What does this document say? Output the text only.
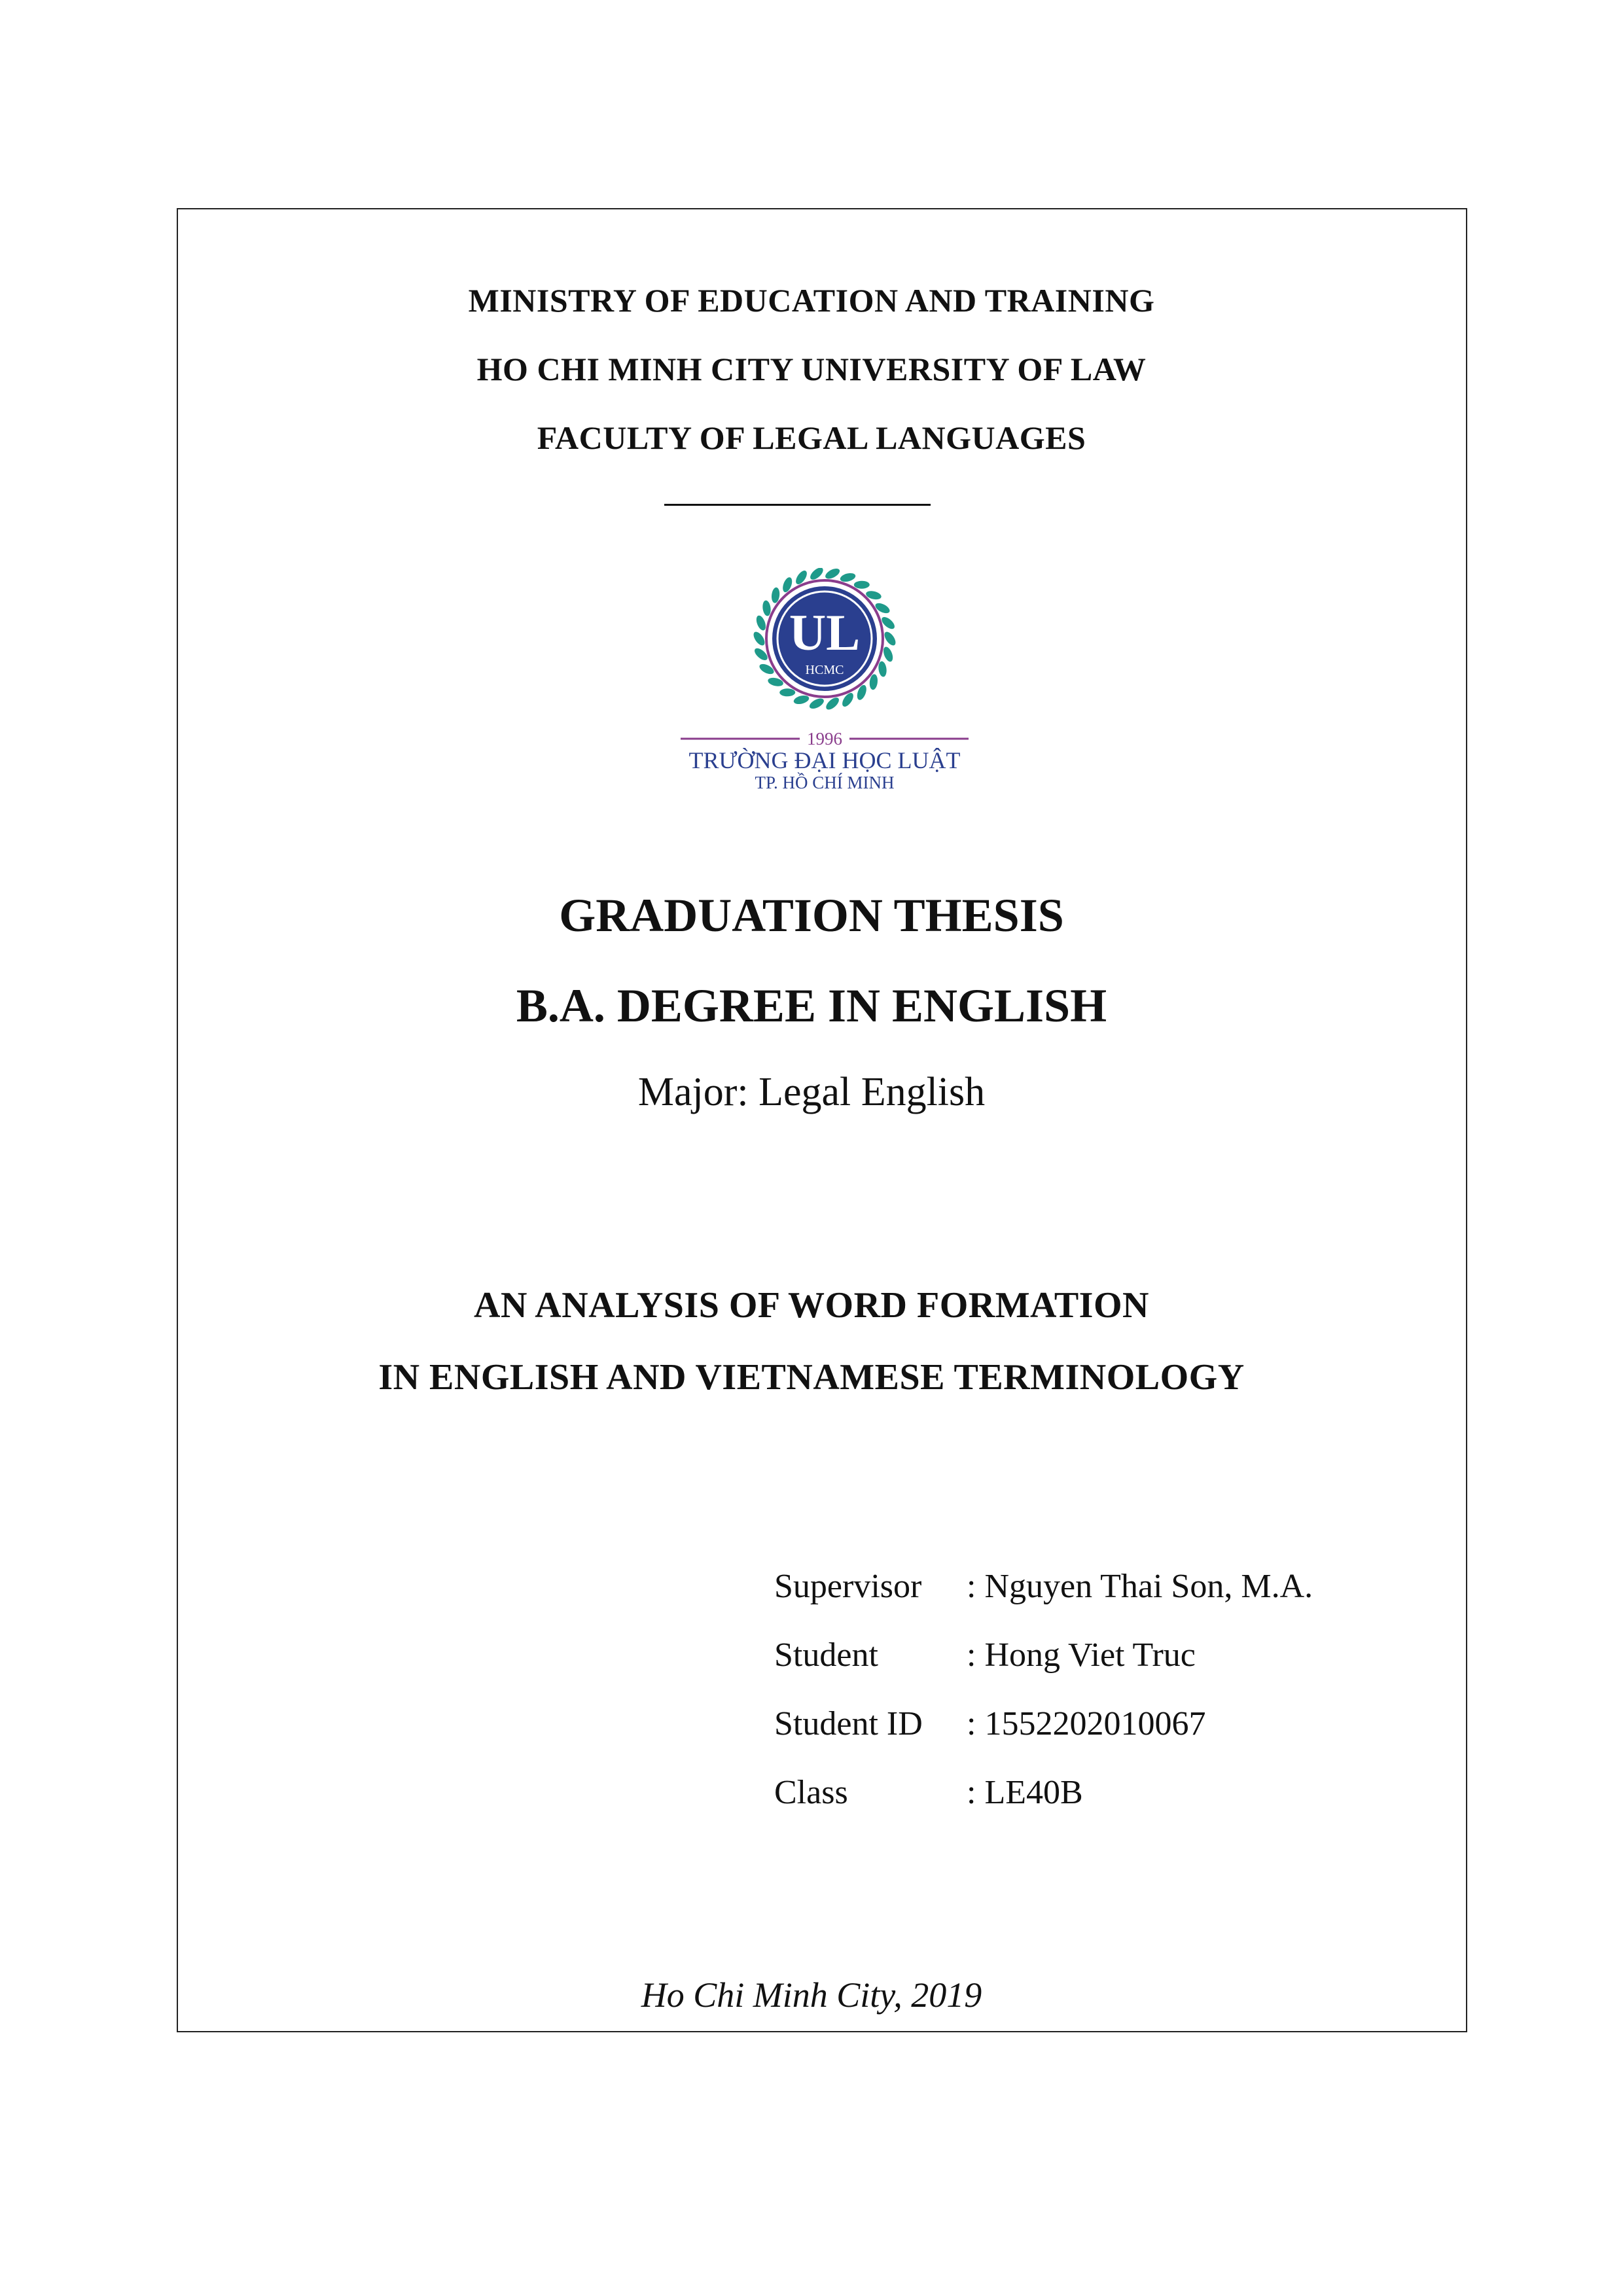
MINISTRY OF EDUCATION AND TRAINING
HO CHI MINH CITY UNIVERSITY OF LAW
FACULTY OF LEGAL LANGUAGES
UL
HCMC
1996
TRƯỜNG ĐẠI HỌC LUẬT
TP. HỒ CHÍ MINH
GRADUATION THESIS
B.A. DEGREE IN ENGLISH
Major: Legal English
AN ANALYSIS OF WORD FORMATION
IN ENGLISH AND VIETNAMESE TERMINOLOGY
Supervisor : Nguyen Thai Son, M.A.
Student	: Hong Viet Truc
Student ID : 1552202010067
Class	: LE40B
Ho Chi Minh City, 2019
